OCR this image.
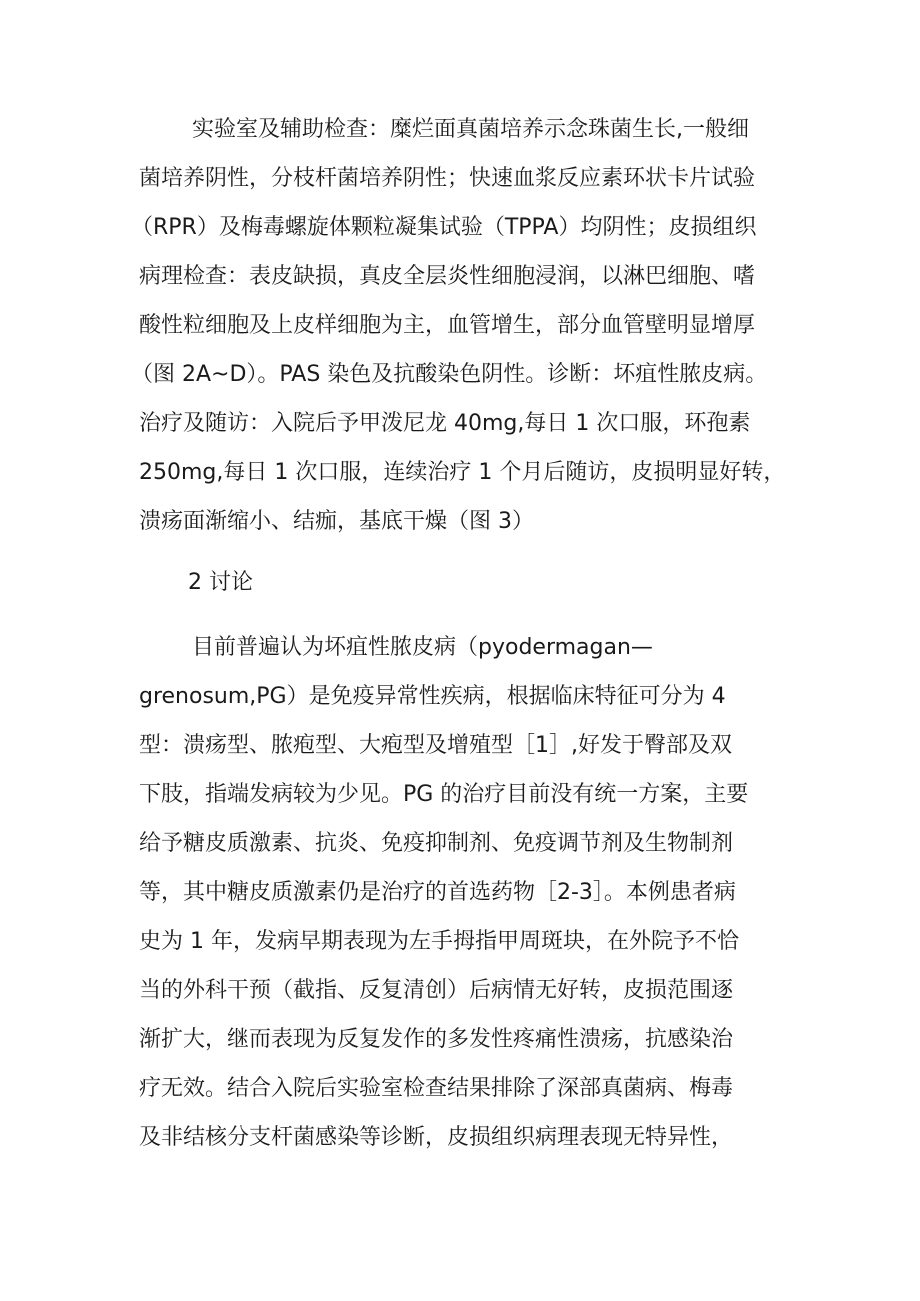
实验室及辅助检查：糜烂面真菌培养示念珠菌生长,一般细
菌培养阴性，分枝杆菌培养阴性；快速血浆反应素环状卡片试验
（RPR）及梅毒螺旋体颗粒凝集试验（TPPA）均阴性；皮损组织
病理检查：表皮缺损，真皮全层炎性细胞浸润，以淋巴细胞、嗜
酸性粒细胞及上皮样细胞为主，血管增生，部分血管壁明显增厚
（图 2A~D）。PAS 染色及抗酸染色阴性。诊断：坏疽性脓皮病。
治疗及随访：入院后予甲泼尼龙 40mg,每日 1 次口服，环孢素
250mg,每日 1 次口服，连续治疗 1 个月后随访，皮损明显好转，
溃疡面渐缩小、结痂，基底干燥（图 3）
2 讨论
目前普遍认为坏疽性脓皮病（pyodermagan—
grenosum,PG）是免疫异常性疾病，根据临床特征可分为 4
型：溃疡型、脓疱型、大疱型及增殖型［1］,好发于臀部及双
下肢，指端发病较为少见。PG 的治疗目前没有统一方案，主要
给予糖皮质激素、抗炎、免疫抑制剂、免疫调节剂及生物制剂
等，其中糖皮质激素仍是治疗的首选药物［2-3］。本例患者病
史为 1 年，发病早期表现为左手拇指甲周斑块，在外院予不恰
当的外科干预（截指、反复清创）后病情无好转，皮损范围逐
渐扩大，继而表现为反复发作的多发性疼痛性溃疡，抗感染治
疗无效。结合入院后实验室检查结果排除了深部真菌病、梅毒
及非结核分支杆菌感染等诊断，皮损组织病理表现无特异性，
